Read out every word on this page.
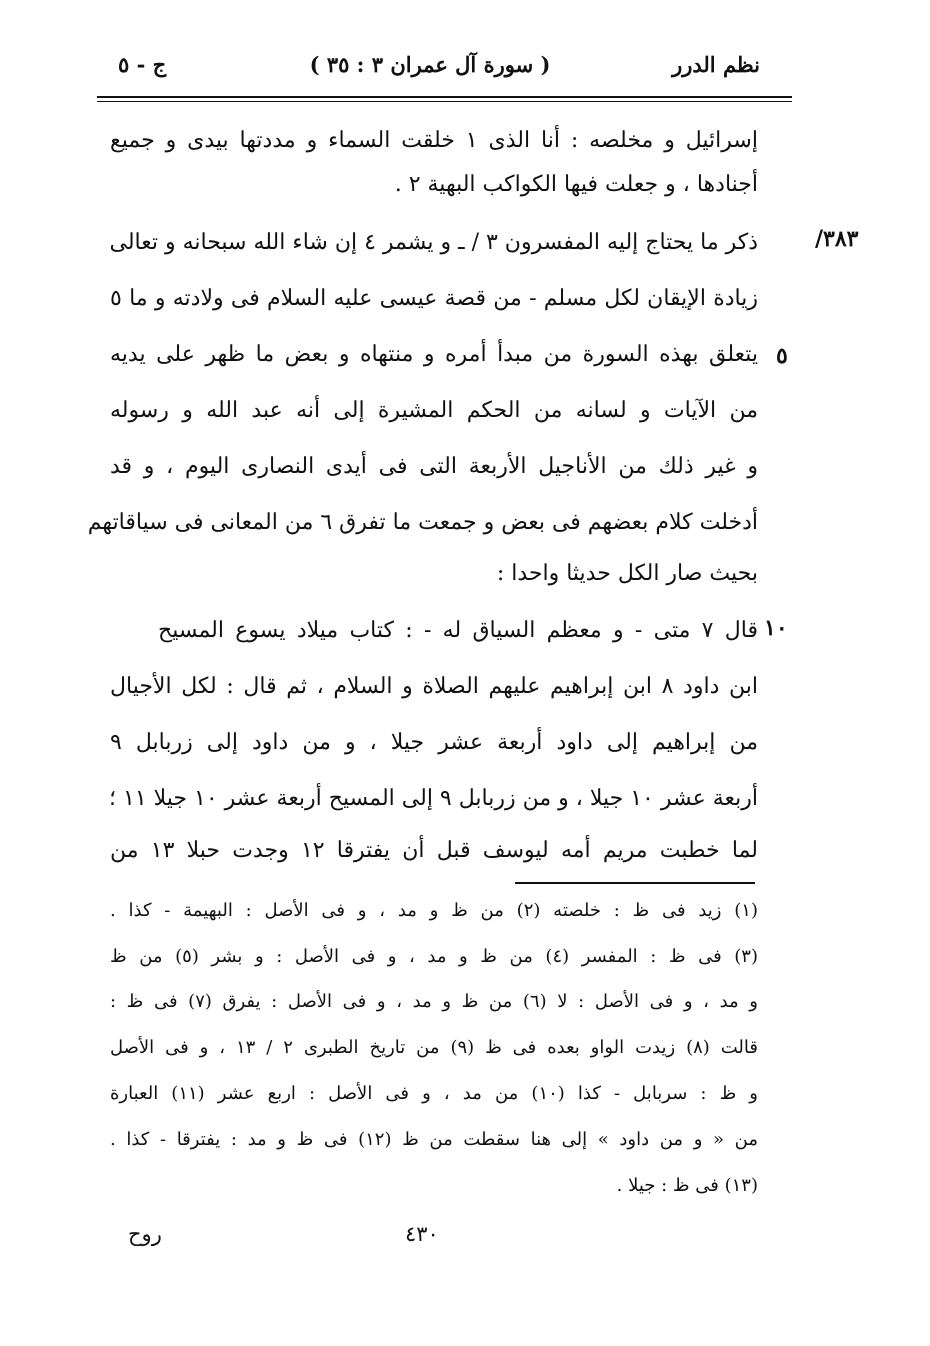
نظم الدرر
( سورة آل عمران ٣ : ٣٥ )
ج - ٥
/٣٨٣
٥
١٠
إسرائيل و مخلصه : أنا الذى ١ خلقت السماء و مددتها بيدى و جميع
أجنادها ، و جعلت فيها الكواكب البهية ٢ .
ذكر ما يحتاج إليه المفسرون ٣ / ـ و يشمر ٤ إن شاء الله سبحانه و تعالى
زيادة الإيقان لكل مسلم - من قصة عيسى عليه السلام فى ولادته و ما ٥
يتعلق بهذه السورة من مبدأ أمره و منتهاه و بعض ما ظهر على يديه
من الآيات و لسانه من الحكم المشيرة إلى أنه عبد الله و رسوله
و غير ذلك من الأناجيل الأربعة التى فى أيدى النصارى اليوم ، و قد
أدخلت كلام بعضهم فى بعض و جمعت ما تفرق ٦ من المعانى فى سياقاتهم
بحيث صار الكل حديثا واحدا :
قال ٧ متى - و معظم السياق له - : كتاب ميلاد يسوع المسيح
ابن داود ٨ ابن إبراهيم عليهم الصلاة و السلام ، ثم قال : لكل الأجيال
من إبراهيم إلى داود أربعة عشر جيلا ، و من داود إلى زربابل ٩
أربعة عشر ١٠ جيلا ، و من زربابل ٩ إلى المسيح أربعة عشر ١٠ جيلا ١١ ؛
لما خطبت مريم أمه ليوسف قبل أن يفترقا ١٢ وجدت حبلا ١٣ من
(١) زيد فى ظ : خلصته (٢) من ظ و مد ، و فى الأصل : البهيمة - كذا .
(٣) فى ظ : المفسر (٤) من ظ و مد ، و فى الأصل : و بشر (٥) من ظ
و مد ، و فى الأصل : لا (٦) من ظ و مد ، و فى الأصل : يفرق (٧) فى ظ :
قالت (٨) زيدت الواو بعده فى ظ (٩) من تاريخ الطبرى ٢ / ١٣ ، و فى الأصل
و ظ : سربابل - كذا (١٠) من مد ، و فى الأصل : اربع عشر (١١) العبارة
من « و من داود » إلى هنا سقطت من ظ (١٢) فى ظ و مد : يفترقا - كذا .
(١٣) فى ظ : جيلا .
٤٣٠
روح
